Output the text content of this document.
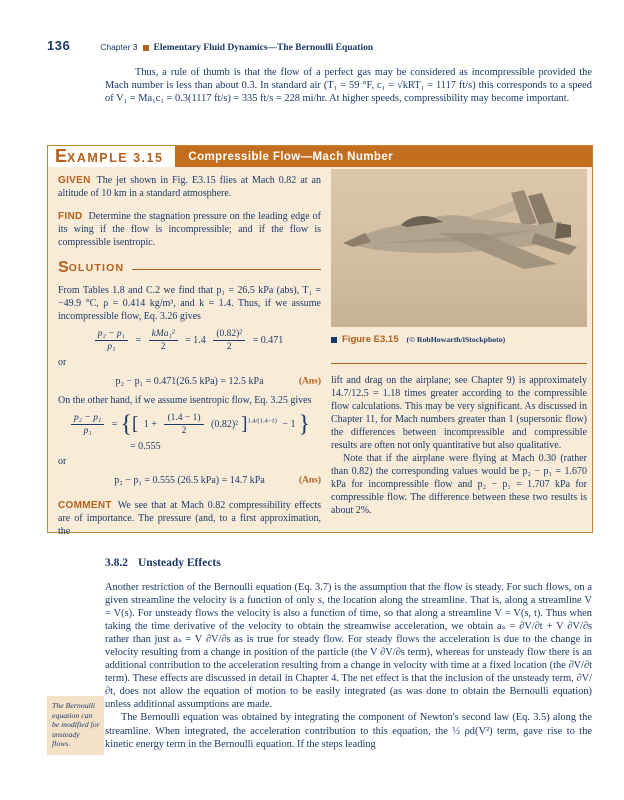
136	Chapter 3 Elementary Fluid Dynamics—The Bernoulli Equation

Thus, a rule of thumb is that the flow of a perfect gas may be considered as incompressible provided the Mach number is less than about 0.3. In standard air (T₁ = 59 °F, c₁ = √kRT₁ = 1117 ft/s) this corresponds to a speed of V₁ = Ma₁c₁ = 0.3(1117 ft/s) = 335 ft/s = 228 mi/hr. At higher speeds, compressibility may become important.

E XAMPLE 3.15	Compressible Flow—Mach Number

GIVEN The jet shown in Fig. E3.15 flies at Mach 0.82 at an altitude of 10 km in a standard atmosphere.

FIND Determine the stagnation pressure on the leading edge of its wing if the flow is incompressible; and if the flow is compressible isentropic.

S OLUTION

From Tables 1.8 and C.2 we find that p₁ = 26.5 kPa (abs), T₁ = −49.9 °C, ρ = 0.414 kg/m³, and k = 1.4. Thus, if we assume incompressible flow, Eq. 3.26 gives

$\frac{\text{p₂ − p₁}}{\text{p₁}} = \frac{\text{kMa₁²}}{2} = 1.4 \frac{\text{(0.82)²}}{2} = 0.471$

or

p₂ − p₁ = 0.471(26.5 kPa) = 12.5 kPa	(Ans)

On the other hand, if we assume isentropic flow, Eq. 3.25 gives

$\frac{\text{p₂ − p₁}}{\text{p₁}}$ = {[ $1 + \frac{(1.4 - 1)}{2} (0.82)^2$ ]$^{1.4/(1.4-1)}$ − 1 }
= 0.555

or

p₂ − p₁ = 0.555 (26.5 kPa) = 14.7 kPa	(Ans)

COMMENT We see that at Mach 0.82 compressibility effects are of importance. The pressure (and, to a first approximation, the

Figure E3.15 (© RobHowarth/iStockphoto)

lift and drag on the airplane; see Chapter 9) is approximately 14.7/12.5 = 1.18 times greater according to the compressible flow calculations. This may be very significant. As discussed in Chapter 11, for Mach numbers greater than 1 (supersonic flow) the differences between incompressible and compressible results are often not only quantitative but also qualitative.

Note that if the airplane were flying at Mach 0.30 (rather than 0.82) the corresponding values would be p₂ − p₁ = 1.670 kPa for incompressible flow and p₂ − p₁ = 1.707 kPa for compressible flow. The difference between these two results is about 2%.

3.8.2 Unsteady Effects

Another restriction of the Bernoulli equation (Eq. 3.7) is the assumption that the flow is steady. For such flows, on a given streamline the velocity is a function of only s, the location along the streamline. That is, along a streamline V = V(s). For unsteady flows the velocity is also a function of time, so that along a streamline V = V(s, t). Thus when taking the time derivative of the velocity to obtain the streamwise acceleration, we obtain aₛ = ∂V/∂t + V ∂V/∂s rather than just aₛ = V ∂V/∂s as is true for steady flow. For steady flows the acceleration is due to the change in velocity resulting from a change in position of the particle (the V ∂V/∂s term), whereas for unsteady flow there is an additional contribution to the acceleration resulting from a change in velocity with time at a fixed location (the ∂V/∂t term). These effects are discussed in detail in Chapter 4. The net effect is that the inclusion of the unsteady term, ∂V/∂t, does not allow the equation of motion to be easily integrated (as was done to obtain the Bernoulli equation) unless additional assumptions are made.

The Bernoulli equation was obtained by integrating the component of Newton's second law (Eq. 3.5) along the streamline. When integrated, the acceleration contribution to this equation, the ½ ρd(V²) term, gave rise to the kinetic energy term in the Bernoulli equation. If the steps leading

The Bernoulli equation can be modified for unsteady flows.
